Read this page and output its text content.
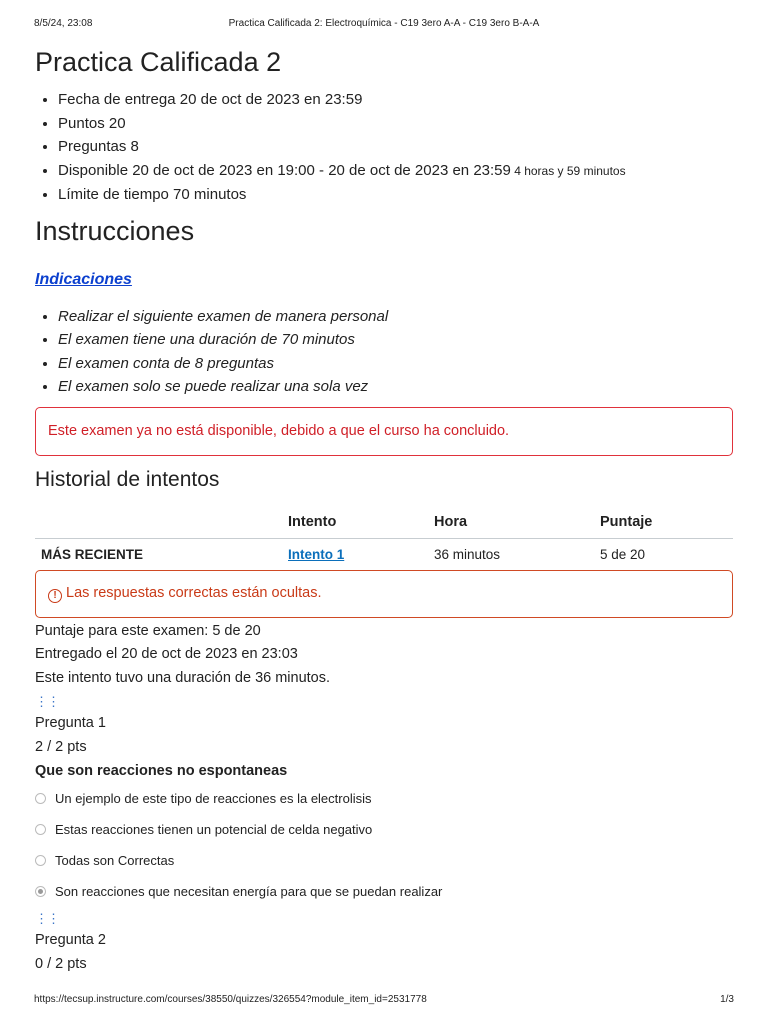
8/5/24, 23:08	Practica Calificada 2: Electroquímica - C19 3ero A-A - C19 3ero B-A-A
Practica Calificada 2
• Fecha de entrega 20 de oct de 2023 en 23:59
• Puntos 20
• Preguntas 8
• Disponible 20 de oct de 2023 en 19:00 - 20 de oct de 2023 en 23:59 4 horas y 59 minutos
• Límite de tiempo 70 minutos
Instrucciones
Indicaciones
• Realizar el siguiente examen de manera personal
• El examen tiene una duración de 70 minutos
• El examen conta de 8 preguntas
• El examen solo se puede realizar una sola vez
Este examen ya no está disponible, debido a que el curso ha concluido.
Historial de intentos
	Intento	Hora	Puntaje
MÁS RECIENTE	Intento 1	36 minutos	5 de 20
! Las respuestas correctas están ocultas.
Puntaje para este examen: 5 de 20
Entregado el 20 de oct de 2023 en 23:03
Este intento tuvo una duración de 36 minutos.
⋮⋮
Pregunta 1
2 / 2 pts
Que son reacciones no espontaneas
Un ejemplo de este tipo de reacciones es la electrolisis
Estas reacciones tienen un potencial de celda negativo
Todas son Correctas
Son reacciones que necesitan energía para que se puedan realizar
⋮⋮
Pregunta 2
0 / 2 pts
https://tecsup.instructure.com/courses/38550/quizzes/326554?module_item_id=2531778	1/3
